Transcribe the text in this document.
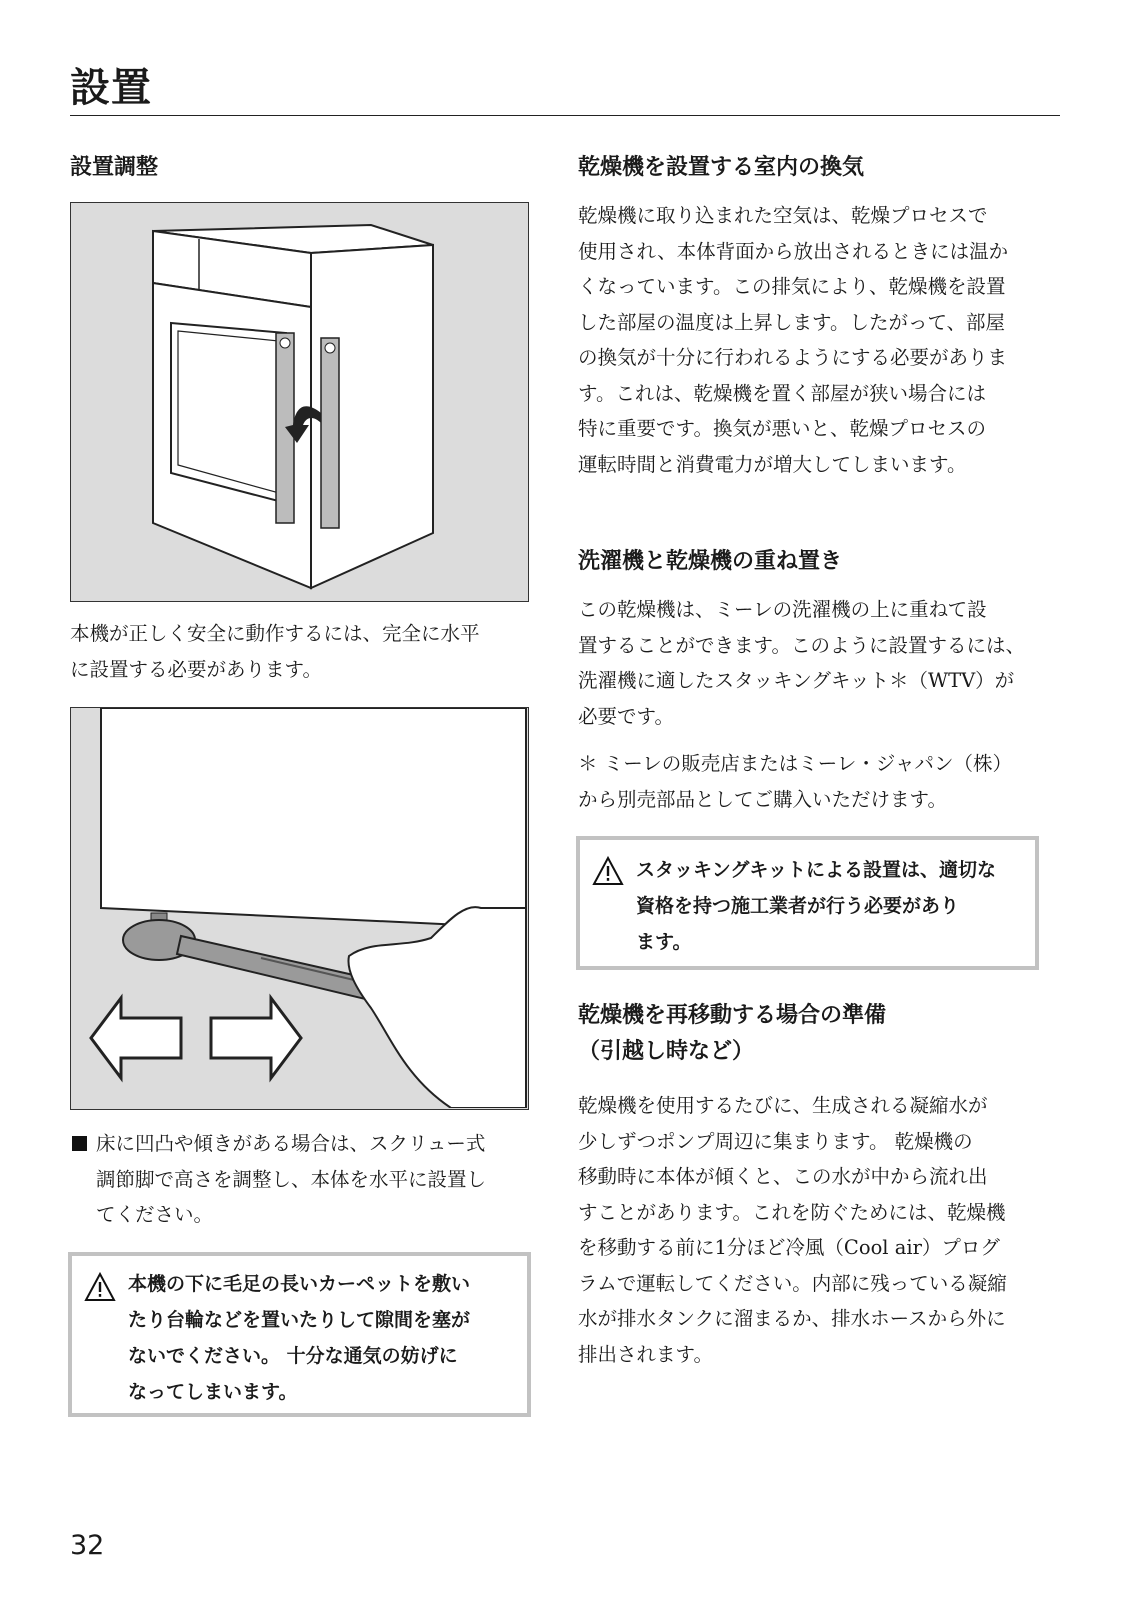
設置
設置調整

本機が正しく安全に動作するには、完全に水平
に設置する必要があります。

床に凹凸や傾きがある場合は、スクリュー式
調節脚で高さを調整し、本体を水平に設置し
てください。

本機の下に毛足の長いカーペットを敷い
たり台輪などを置いたりして隙間を塞が
ないでください。 十分な通気の妨げに
なってしまいます。

乾燥機を設置する室内の換気

乾燥機に取り込まれた空気は、乾燥プロセスで
使用され、本体背面から放出されるときには温か
くなっています。この排気により、乾燥機を設置
した部屋の温度は上昇します。したがって、部屋
の換気が十分に行われるようにする必要がありま
す。これは、乾燥機を置く部屋が狭い場合には
特に重要です。換気が悪いと、乾燥プロセスの
運転時間と消費電力が増大してしまいます。

洗濯機と乾燥機の重ね置き

この乾燥機は、ミーレの洗濯機の上に重ねて設
置することができます。このように設置するには、
洗濯機に適したスタッキングキット＊（WTV）が
必要です。

＊ ミーレの販売店またはミーレ・ジャパン（株）
から別売部品としてご購入いただけます。

スタッキングキットによる設置は、適切な
資格を持つ施工業者が行う必要があり
ます。

乾燥機を再移動する場合の準備
（引越し時など）

乾燥機を使用するたびに、生成される凝縮水が
少しずつポンプ周辺に集まります。 乾燥機の
移動時に本体が傾くと、この水が中から流れ出
すことがあります。これを防ぐためには、乾燥機
を移動する前に1分ほど冷風（Cool air）プログ
ラムで運転してください。内部に残っている凝縮
水が排水タンクに溜まるか、排水ホースから外に
排出されます。

32
